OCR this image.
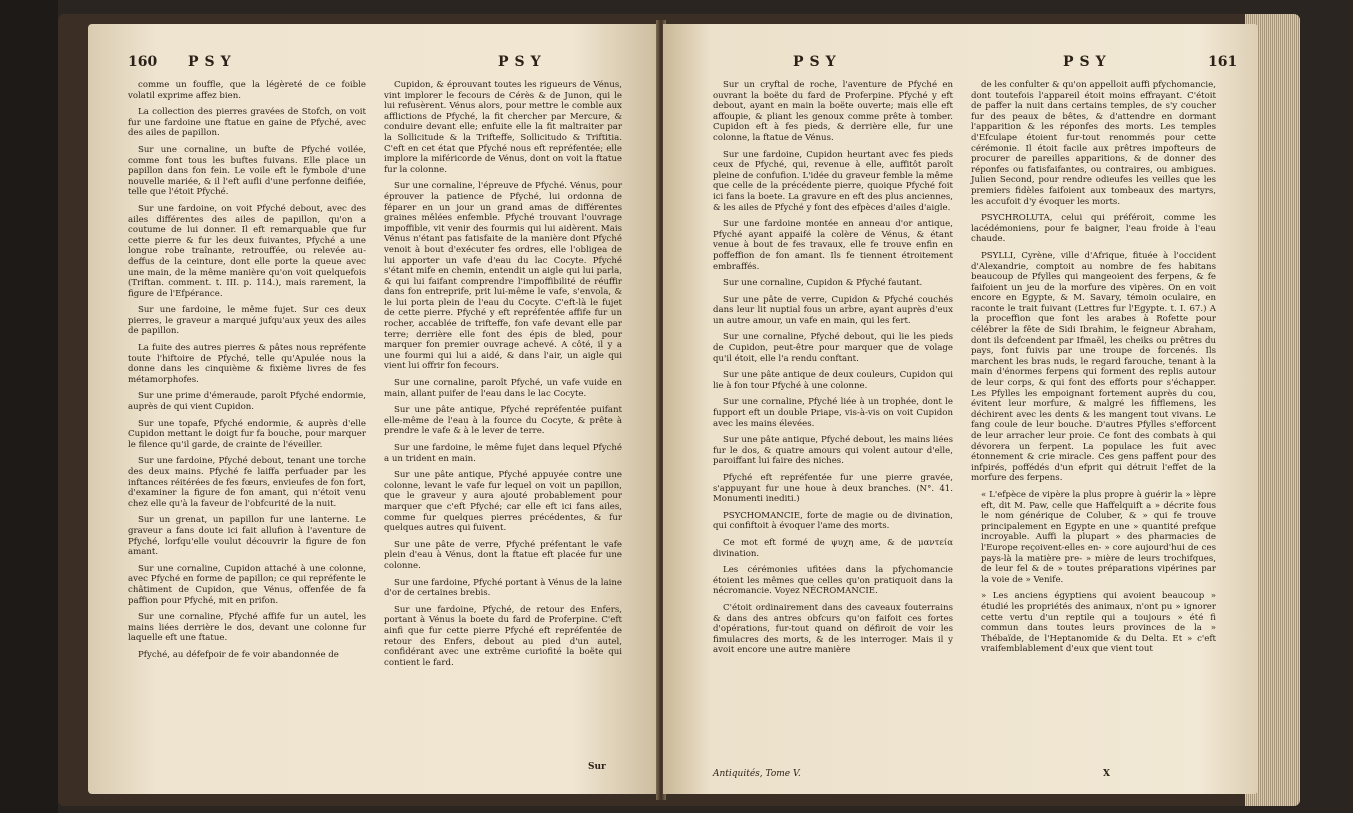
160 PSY	PSY

comme un fouffle, que la légèreté de ce foible volatil exprime affez bien.

La collection des pierres gravées de Stofch, on voit fur une fardoine une ftatue en gaine de Pfyché, avec des ailes de papillon.

Sur une cornaline, un bufte de Pfyché voilée, comme font tous les buftes fuivans. Elle place un papillon dans fon fein. Le voile eft le fymbole d'une nouvelle mariée, & il l'eft aufli d'une perfonne deifiée, telle que l'étoit Pfyché.

Sur une fardoine, on voit Pfyché debout, avec des ailes différentes des ailes de papillon, qu'on a coutume de lui donner. Il eft remarquable que fur cette pierre & fur les deux fuivantes, Pfyché a une longue robe traînante, retrouffée, ou relevée au-deffus de la ceinture, dont elle porte la queue avec une main, de la même manière qu'on voit quelquefois (Triftan. comment. t. III. p. 114.), mais rarement, la figure de l'Efpérance.

Sur une fardoine, le même fujet. Sur ces deux pierres, le graveur a marqué jufqu'aux yeux des ailes de papillon.

La fuite des autres pierres & pâtes nous repréfente toute l'hiftoire de Pfyché, telle qu'Apulée nous la donne dans les cinquième & fixième livres de fes métamorphofes.

Sur une prime d'émeraude, paroît Pfyché endormie, auprès de qui vient Cupidon.

Sur une topafe, Pfyché endormie, & auprès d'elle Cupidon mettant le doigt fur fa bouche, pour marquer le filence qu'il garde, de crainte de l'éveiller.

Sur une fardoine, Pfyché debout, tenant une torche des deux mains. Pfyché fe laiffa perfuader par les inftances réitérées de fes fœurs, envieufes de fon fort, d'examiner la figure de fon amant, qui n'étoit venu chez elle qu'à la faveur de l'obfcurité de la nuit.

Sur un grenat, un papillon fur une lanterne. Le graveur a fans doute ici fait allufion à l'aventure de Pfyché, lorfqu'elle voulut découvrir la figure de fon amant.

Sur une cornaline, Cupidon attaché à une colonne, avec Pfyché en forme de papillon; ce qui repréfente le châtiment de Cupidon, que Vénus, offenfée de fa paffion pour Pfyché, mit en prifon.

Sur une cornaline, Pfyché affife fur un autel, les mains liées derrière le dos, devant une colonne fur laquelle eft une ftatue.

Pfyché, au défefpoir de fe voir abandonnée de

Cupidon, & éprouvant toutes les rigueurs de Vénus, vint implorer le fecours de Cérès & de Junon, qui le lui refusèrent. Vénus alors, pour mettre le comble aux afflictions de Pfyché, la fit chercher par Mercure, & conduire devant elle; enfuite elle la fit maltraiter par la Sollicitude & la Trifteffe, Sollicitudo & Triftitia. C'eft en cet état que Pfyché nous eft repréfentée; elle implore la miféricorde de Vénus, dont on voit la ftatue fur la colonne.

Sur une cornaline, l'épreuve de Pfyché. Vénus, pour éprouver la patience de Pfyché, lui ordonna de féparer en un jour un grand amas de différentes graines mêlées enfemble. Pfyché trouvant l'ouvrage impoffible, vit venir des fourmis qui lui aidèrent. Mais Vénus n'étant pas fatisfaite de la manière dont Pfyché venoit à bout d'exécuter fes ordres, elle l'obligea de lui apporter un vafe d'eau du lac Cocyte. Pfyché s'étant mife en chemin, entendit un aigle qui lui parla, & qui lui faifant comprendre l'impoffibilité de réuffir dans fon entreprife, prit lui-même le vafe, s'envola, & le lui porta plein de l'eau du Cocyte. C'eft-là le fujet de cette pierre. Pfyché y eft repréfentée affife fur un rocher, accablée de trifteffe, fon vafe devant elle par terre; derrière elle font des épis de bled, pour marquer fon premier ouvrage achevé. A côté, il y a une fourmi qui lui a aidé, & dans l'air, un aigle qui vient lui offrir fon fecours.

Sur une cornaline, paroît Pfyché, un vafe vuide en main, allant puifer de l'eau dans le lac Cocyte.

Sur une pâte antique, Pfyché repréfentée puifant elle-même de l'eau à la fource du Cocyte, & prête à prendre le vafe & à le lever de terre.

Sur une fardoine, le même fujet dans lequel Pfyché a un trident en main.

Sur une pâte antique, Pfyché appuyée contre une colonne, levant le vafe fur lequel on voit un papillon, que le graveur y aura ajouté probablement pour marquer que c'eft Pfyché; car elle eft ici fans ailes, comme fur quelques pierres précédentes, & fur quelques autres qui fuivent.

Sur une pâte de verre, Pfyché préfentant le vafe plein d'eau à Vénus, dont la ftatue eft placée fur une colonne.

Sur une fardoine, Pfyché portant à Vénus de la laine d'or de certaines brebis.

Sur une fardoine, Pfyché, de retour des Enfers, portant à Vénus la boete du fard de Proferpine. C'eft ainfi que fur cette pierre Pfyché eft repréfentée de retour des Enfers, debout au pied d'un autel, confidérant avec une extrême curiofité la boëte qui contient le fard.

Sur
PSY	PSY	161

Sur un cryftal de roche, l'aventure de Pfyché en ouvrant la boëte du fard de Proferpine. Pfyché y eft debout, ayant en main la boëte ouverte; mais elle eft affoupie, & pliant les genoux comme prête à tomber. Cupidon eft à fes pieds, & derrière elle, fur une colonne, la ftatue de Vénus.

Sur une fardoine, Cupidon heurtant avec fes pieds ceux de Pfyché, qui, revenue à elle, auffitôt paroît pleine de confufion. L'idée du graveur femble la même que celle de la précédente pierre, quoique Pfyché foit ici fans la boete. La gravure en eft des plus anciennes, & les ailes de Pfyché y font des efpèces d'ailes d'aigle.

Sur une fardoine montée en anneau d'or antique, Pfyché ayant appaifé la colère de Vénus, & étant venue à bout de fes travaux, elle fe trouve enfin en poffeffion de fon amant. Ils fe tiennent étroitement embraffés.

Sur une cornaline, Cupidon & Pfyché fautant.

Sur une pâte de verre, Cupidon & Pfyché couchés dans leur lit nuptial fous un arbre, ayant auprès d'eux un autre amour, un vafe en main, qui les fert.

Sur une cornaline, Pfyché debout, qui lie les pieds de Cupidon, peut-être pour marquer que de volage qu'il étoit, elle l'a rendu conftant.

Sur une pâte antique de deux couleurs, Cupidon qui lie à fon tour Pfyché à une colonne.

Sur une cornaline, Pfyché liée à un trophée, dont le fupport eft un double Priape, vis-à-vis on voit Cupidon avec les mains élevées.

Sur une pâte antique, Pfyché debout, les mains liées fur le dos, & quatre amours qui volent autour d'elle, paroiffant lui faire des niches.

Pfyché eft repréfentée fur une pierre gravée, s'appuyant fur une houe à deux branches. (N°. 41. Monumenti inediti.)

PSYCHOMANCIE, forte de magie ou de divination, qui confiftoit à évoquer l'ame des morts.

Ce mot eft formé de ψυχη ame, & de μαντεία divination.

Les cérémonies ufitées dans la pfychomancie étoient les mêmes que celles qu'on pratiquoit dans la nécromancie. Voyez NÉCROMANCIE.

C'étoit ordinairement dans des caveaux fouterrains & dans des antres obfcurs qu'on faifoit ces fortes d'opérations, fur-tout quand on défiroit de voir les fimulacres des morts, & de les interroger. Mais il y avoit encore une autre manière

de les confulter & qu'on appelloit auffi pfychomancie, dont toutefois l'appareil étoit moins effrayant. C'étoit de paffer la nuit dans certains temples, de s'y coucher fur des peaux de bêtes, & d'attendre en dormant l'apparition & les réponfes des morts. Les temples d'Efculape étoient fur-tout renommés pour cette cérémonie. Il étoit facile aux prêtres impofteurs de procurer de pareilles apparitions, & de donner des réponfes ou fatisfaifantes, ou contraires, ou ambigues. Julien Second, pour rendre odieufes les veilles que les premiers fidèles faifoient aux tombeaux des martyrs, les accufoit d'y évoquer les morts.

PSYCHROLUTA, celui qui préféroit, comme les lacédémoniens, pour fe baigner, l'eau froide à l'eau chaude.

PSYLLI, Cyrène, ville d'Afrique, fituée à l'occident d'Alexandrie, comptoit au nombre de fes habitans beaucoup de Pfylles qui mangeoient des ferpens, & fe faifoient un jeu de la morfure des vipères. On en voit encore en Egypte, & M. Savary, témoin oculaire, en raconte le trait fuivant (Lettres fur l'Egypte. t. I. 67.) A la proceffion que font les arabes à Rofette pour célébrer la fête de Sidi Ibrahim, le feigneur Abraham, dont ils defcendent par Ifmaël, les cheiks ou prêtres du pays, font fuivis par une troupe de forcenés. Ils marchent les bras nuds, le regard farouche, tenant à la main d'énormes ferpens qui forment des replis autour de leur corps, & qui font des efforts pour s'échapper. Les Pfylles les empoignant fortement auprès du cou, évitent leur morfure, & malgré les fifflemens, les déchirent avec les dents & les mangent tout vivans. Le fang coule de leur bouche. D'autres Pfylles s'efforcent de leur arracher leur proie. Ce font des combats à qui dévorera un ferpent. La populace les fuit avec étonnement & crie miracle. Ces gens paffent pour des infpirés, poffédés d'un efprit qui détruit l'effet de la morfure des ferpens.

« L'efpèce de vipère la plus propre à guérir la » lèpre eft, dit M. Paw, celle que Haffelquift a » décrite fous le nom générique de Coluber, & » qui fe trouve principalement en Egypte en une » quantité prefque incroyable. Auffi la plupart » des pharmacies de l'Europe reçoivent-elles en- » core aujourd'hui de ces pays-là la matière pre- » mière de leurs trochifques, de leur fel & de » toutes préparations vipérines par la voie de » Venife.

» Les anciens égyptiens qui avoient beaucoup » étudié les propriétés des animaux, n'ont pu » ignorer cette vertu d'un reptile qui a toujours » été fi commun dans toutes leurs provinces de la » Thébaïde, de l'Heptanomide & du Delta. Et » c'eft vraifemblablement d'eux que vient tout

Antiquités, Tome V.	X
